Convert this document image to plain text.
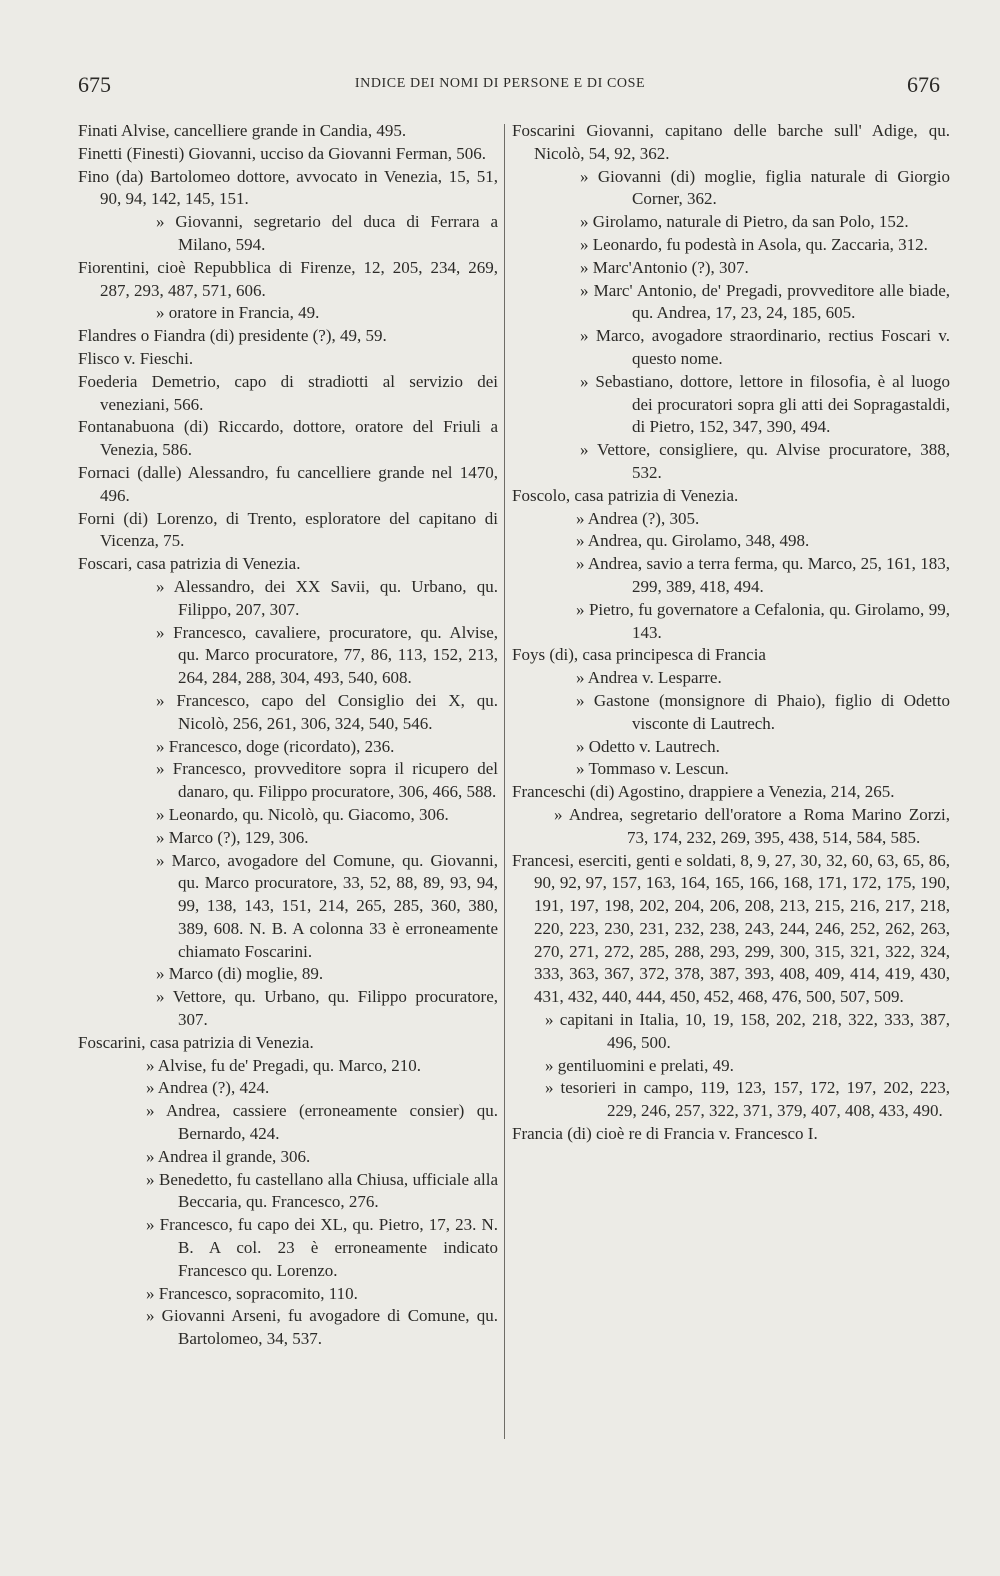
675	INDICE DEI NOMI DI PERSONE E DI COSE	676

Finati Alvise, cancelliere grande in Candia, 495.

Finetti (Finesti) Giovanni, ucciso da Giovanni Ferman, 506.

Fino (da) Bartolomeo dottore, avvocato in Venezia, 15, 51, 90, 94, 142, 145, 151.

» Giovanni, segretario del duca di Ferrara a Milano, 594.

Fiorentini, cioè Repubblica di Firenze, 12, 205, 234, 269, 287, 293, 487, 571, 606.

» oratore in Francia, 49.

Flandres o Fiandra (di) presidente (?), 49, 59.

Flisco v. Fieschi.

Foederia Demetrio, capo di stradiotti al servizio dei veneziani, 566.

Fontanabuona (di) Riccardo, dottore, oratore del Friuli a Venezia, 586.

Fornaci (dalle) Alessandro, fu cancelliere grande nel 1470, 496.

Forni (di) Lorenzo, di Trento, esploratore del capitano di Vicenza, 75.

Foscari, casa patrizia di Venezia.

» Alessandro, dei XX Savii, qu. Urbano, qu. Filippo, 207, 307.

» Francesco, cavaliere, procuratore, qu. Alvise, qu. Marco procuratore, 77, 86, 113, 152, 213, 264, 284, 288, 304, 493, 540, 608.

» Francesco, capo del Consiglio dei X, qu. Nicolò, 256, 261, 306, 324, 540, 546.

» Francesco, doge (ricordato), 236.

» Francesco, provveditore sopra il ricupero del danaro, qu. Filippo procuratore, 306, 466, 588.

» Leonardo, qu. Nicolò, qu. Giacomo, 306.

» Marco (?), 129, 306.

» Marco, avogadore del Comune, qu. Giovanni, qu. Marco procuratore, 33, 52, 88, 89, 93, 94, 99, 138, 143, 151, 214, 265, 285, 360, 380, 389, 608. N. B. A colonna 33 è erroneamente chiamato Foscarini.

» Marco (di) moglie, 89.

» Vettore, qu. Urbano, qu. Filippo procuratore, 307.

Foscarini, casa patrizia di Venezia.

» Alvise, fu de' Pregadi, qu. Marco, 210.

» Andrea (?), 424.

» Andrea, cassiere (erroneamente consier) qu. Bernardo, 424.

» Andrea il grande, 306.

» Benedetto, fu castellano alla Chiusa, ufficiale alla Beccaria, qu. Francesco, 276.

» Francesco, fu capo dei XL, qu. Pietro, 17, 23. N. B. A col. 23 è erroneamente indicato Francesco qu. Lorenzo.

» Francesco, sopracomito, 110.

» Giovanni Arseni, fu avogadore di Comune, qu. Bartolomeo, 34, 537.

Foscarini Giovanni, capitano delle barche sull' Adige, qu. Nicolò, 54, 92, 362.

» Giovanni (di) moglie, figlia naturale di Giorgio Corner, 362.

» Girolamo, naturale di Pietro, da san Polo, 152.

» Leonardo, fu podestà in Asola, qu. Zaccaria, 312.

» Marc'Antonio (?), 307.

» Marc' Antonio, de' Pregadi, provveditore alle biade, qu. Andrea, 17, 23, 24, 185, 605.

» Marco, avogadore straordinario, rectius Foscari v. questo nome.

» Sebastiano, dottore, lettore in filosofia, è al luogo dei procuratori sopra gli atti dei Sopragastaldi, di Pietro, 152, 347, 390, 494.

» Vettore, consigliere, qu. Alvise procuratore, 388, 532.

Foscolo, casa patrizia di Venezia.

» Andrea (?), 305.

» Andrea, qu. Girolamo, 348, 498.

» Andrea, savio a terra ferma, qu. Marco, 25, 161, 183, 299, 389, 418, 494.

» Pietro, fu governatore a Cefalonia, qu. Girolamo, 99, 143.

Foys (di), casa principesca di Francia

» Andrea v. Lesparre.

» Gastone (monsignore di Phaio), figlio di Odetto visconte di Lautrech.

» Odetto v. Lautrech.

» Tommaso v. Lescun.

Franceschi (di) Agostino, drappiere a Venezia, 214, 265.

» Andrea, segretario dell'oratore a Roma Marino Zorzi, 73, 174, 232, 269, 395, 438, 514, 584, 585.

Francesi, eserciti, genti e soldati, 8, 9, 27, 30, 32, 60, 63, 65, 86, 90, 92, 97, 157, 163, 164, 165, 166, 168, 171, 172, 175, 190, 191, 197, 198, 202, 204, 206, 208, 213, 215, 216, 217, 218, 220, 223, 230, 231, 232, 238, 243, 244, 246, 252, 262, 263, 270, 271, 272, 285, 288, 293, 299, 300, 315, 321, 322, 324, 333, 363, 367, 372, 378, 387, 393, 408, 409, 414, 419, 430, 431, 432, 440, 444, 450, 452, 468, 476, 500, 507, 509.

» capitani in Italia, 10, 19, 158, 202, 218, 322, 333, 387, 496, 500.

» gentiluomini e prelati, 49.

» tesorieri in campo, 119, 123, 157, 172, 197, 202, 223, 229, 246, 257, 322, 371, 379, 407, 408, 433, 490.

Francia (di) cioè re di Francia v. Francesco I.
